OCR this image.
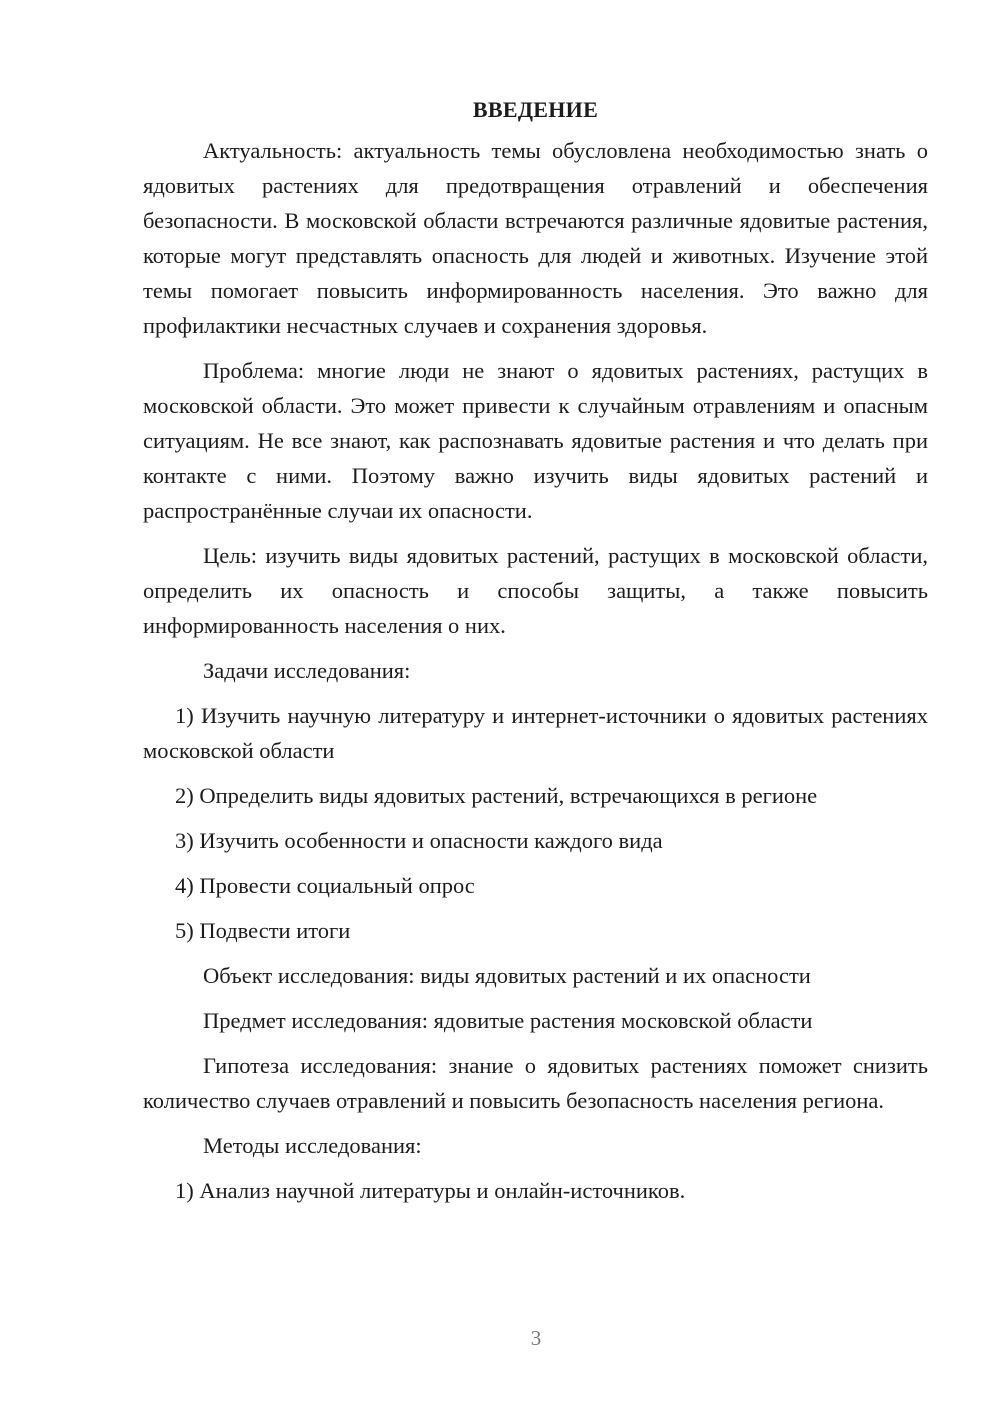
ВВЕДЕНИЕ

Актуальность: актуальность темы обусловлена необходимостью знать о ядовитых растениях для предотвращения отравлений и обеспечения безопасности. В московской области встречаются различные ядовитые растения, которые могут представлять опасность для людей и животных. Изучение этой темы помогает повысить информированность населения. Это важно для профилактики несчастных случаев и сохранения здоровья.

Проблема: многие люди не знают о ядовитых растениях, растущих в московской области. Это может привести к случайным отравлениям и опасным ситуациям. Не все знают, как распознавать ядовитые растения и что делать при контакте с ними. Поэтому важно изучить виды ядовитых растений и распространённые случаи их опасности.

Цель: изучить виды ядовитых растений, растущих в московской области, определить их опасность и способы защиты, а также повысить информированность населения о них.

Задачи исследования:

1) Изучить научную литературу и интернет-источники о ядовитых растениях московской области

2) Определить виды ядовитых растений, встречающихся в регионе

3) Изучить особенности и опасности каждого вида

4) Провести социальный опрос

5) Подвести итоги

Объект исследования: виды ядовитых растений и их опасности

Предмет исследования: ядовитые растения московской области

Гипотеза исследования: знание о ядовитых растениях поможет снизить количество случаев отравлений и повысить безопасность населения региона.

Методы исследования:

1) Анализ научной литературы и онлайн-источников.

3
